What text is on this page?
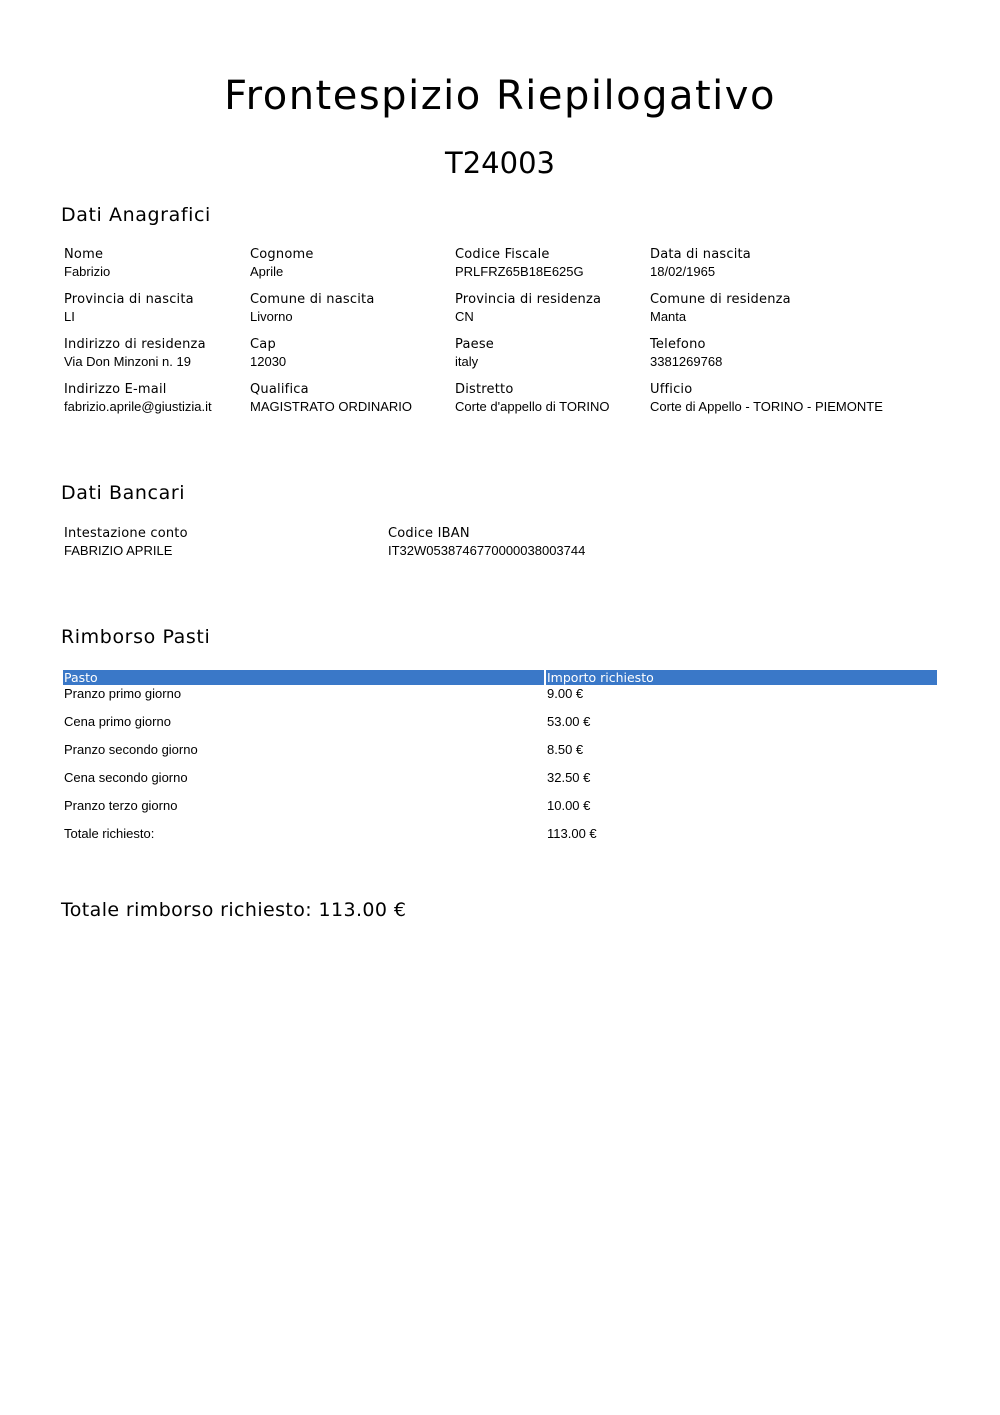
Frontespizio Riepilogativo
T24003
Dati Anagrafici
Nome
Fabrizio
Cognome
Aprile
Codice Fiscale
PRLFRZ65B18E625G
Data di nascita
18/02/1965
Provincia di nascita
LI
Comune di nascita
Livorno
Provincia di residenza
CN
Comune di residenza
Manta
Indirizzo di residenza
Via Don Minzoni n. 19
Cap
12030
Paese
italy
Telefono
3381269768
Indirizzo E-mail
fabrizio.aprile@giustizia.it
Qualifica
MAGISTRATO ORDINARIO
Distretto
Corte d'appello di TORINO
Ufficio
Corte di Appello - TORINO - PIEMONTE
Dati Bancari
Intestazione conto
FABRIZIO APRILE
Codice IBAN
IT32W0538746770000038003744
Rimborso Pasti
Pasto	Importo richiesto
Pranzo primo giorno	9.00 €
Cena primo giorno	53.00 €
Pranzo secondo giorno	8.50 €
Cena secondo giorno	32.50 €
Pranzo terzo giorno	10.00 €
Totale richiesto:	113.00 €
Totale rimborso richiesto: 113.00 €
